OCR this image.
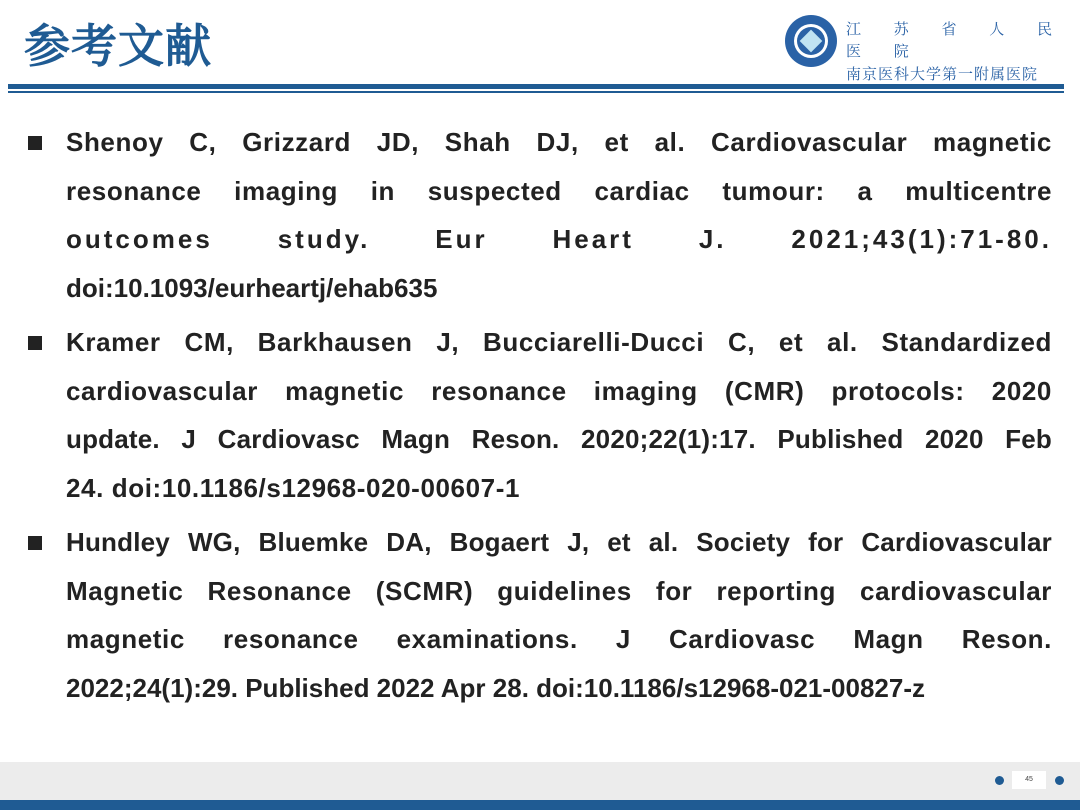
参考文献	江 苏 省 人 民 医 院
南京医科大学第一附属医院
Shenoy C, Grizzard JD, Shah DJ, et al. Cardiovascular magnetic
resonance imaging in suspected cardiac tumour: a multicentre
outcomes study. Eur Heart J. 2021;43(1):71-80.
doi:10.1093/eurheartj/ehab635
Kramer CM, Barkhausen J, Bucciarelli-Ducci C, et al. Standardized
cardiovascular magnetic resonance imaging (CMR) protocols: 2020
update. J Cardiovasc Magn Reson. 2020;22(1):17. Published 2020 Feb
24. doi:10.1186/s12968-020-00607-1
Hundley WG, Bluemke DA, Bogaert J, et al. Society for Cardiovascular
Magnetic Resonance (SCMR) guidelines for reporting cardiovascular
magnetic resonance examinations. J Cardiovasc Magn Reson.
2022;24(1):29. Published 2022 Apr 28. doi:10.1186/s12968-021-00827-z
45
